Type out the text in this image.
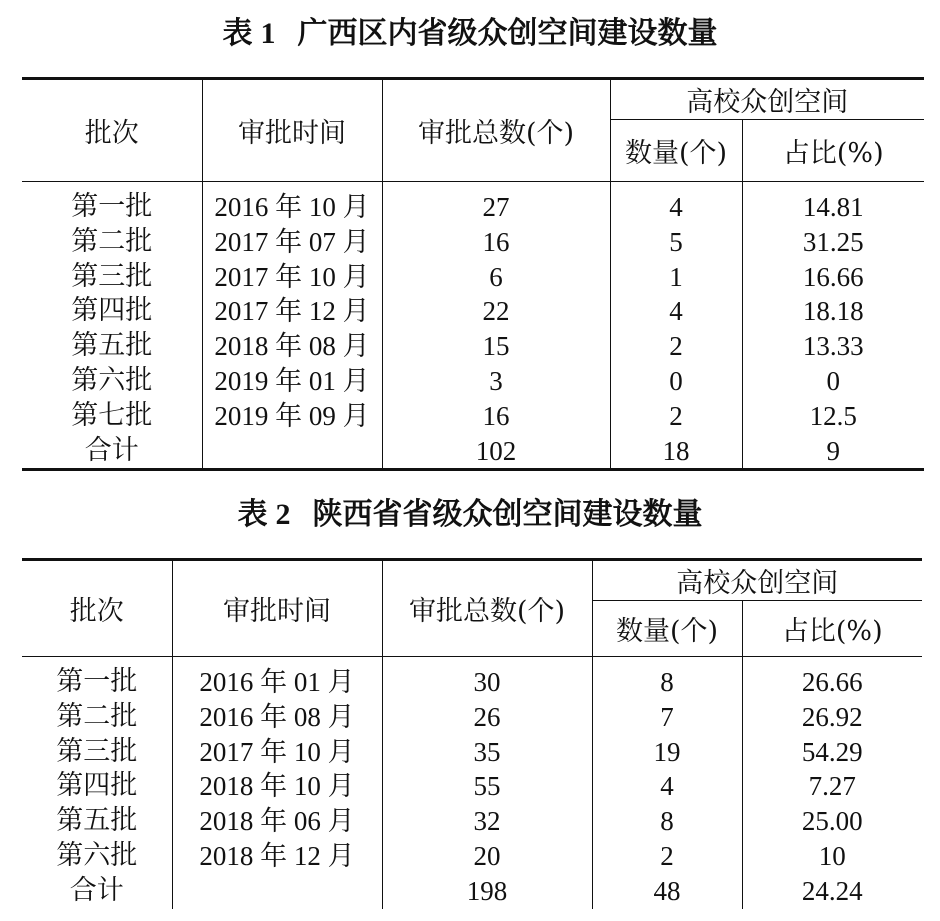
表 1 广西区内省级众创空间建设数量
批次	审批时间	审批总数(个)	高校众创空间	
			数量(个)	占比(%)
第一批	2016 年 10 月	27	4	14.81
第二批	2017 年 07 月	16	5	31.25
第三批	2017 年 10 月	6	1	16.66
第四批	2017 年 12 月	22	4	18.18
第五批	2018 年 08 月	15	2	13.33
第六批	2019 年 01 月	3	0	0
第七批	2019 年 09 月	16	2	12.5
合计		102	18	9
表 2 陕西省省级众创空间建设数量
批次	审批时间	审批总数(个)	高校众创空间	
			数量(个)	占比(%)
第一批	2016 年 01 月	30	8	26.66
第二批	2016 年 08 月	26	7	26.92
第三批	2017 年 10 月	35	19	54.29
第四批	2018 年 10 月	55	4	7.27
第五批	2018 年 06 月	32	8	25.00
第六批	2018 年 12 月	20	2	10
合计		198	48	24.24
